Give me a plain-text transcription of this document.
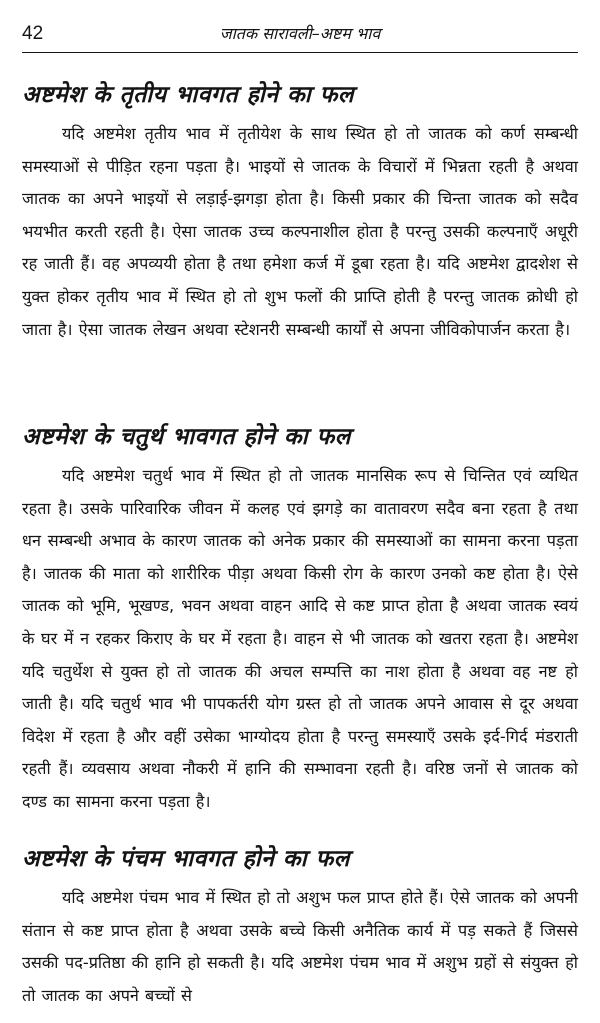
42	जातक सारावली–अष्टम भाव
अष्टमेश के तृतीय भावगत होने का फल

यदि अष्टमेश तृतीय भाव में तृतीयेश के साथ स्थित हो तो जातक को कर्ण सम्बन्धी समस्याओं से पीड़ित रहना पड़ता है। भाइयों से जातक के विचारों में भिन्नता रहती है अथवा जातक का अपने भाइयों से लड़ाई-झगड़ा होता है। किसी प्रकार की चिन्ता जातक को सदैव भयभीत करती रहती है। ऐसा जातक उच्च कल्पनाशील होता है परन्तु उसकी कल्पनाएँ अधूरी रह जाती हैं। वह अपव्ययी होता है तथा हमेशा कर्ज में डूबा रहता है। यदि अष्टमेश द्वादशेश से युक्त होकर तृतीय भाव में स्थित हो तो शुभ फलों की प्राप्ति होती है परन्तु जातक क्रोधी हो जाता है। ऐसा जातक लेखन अथवा स्टेशनरी सम्बन्धी कार्यों से अपना जीविकोपार्जन करता है।

अष्टमेश के चतुर्थ भावगत होने का फल

यदि अष्टमेश चतुर्थ भाव में स्थित हो तो जातक मानसिक रूप से चिन्तित एवं व्यथित रहता है। उसके पारिवारिक जीवन में कलह एवं झगड़े का वातावरण सदैव बना रहता है तथा धन सम्बन्धी अभाव के कारण जातक को अनेक प्रकार की समस्याओं का सामना करना पड़ता है। जातक की माता को शारीरिक पीड़ा अथवा किसी रोग के कारण उनको कष्ट होता है। ऐसे जातक को भूमि, भूखण्ड, भवन अथवा वाहन आदि से कष्ट प्राप्त होता है अथवा जातक स्वयं के घर में न रहकर किराए के घर में रहता है। वाहन से भी जातक को खतरा रहता है। अष्टमेश यदि चतुर्थेश से युक्त हो तो जातक की अचल सम्पत्ति का नाश होता है अथवा वह नष्ट हो जाती है। यदि चतुर्थ भाव भी पापकर्तरी योग ग्रस्त हो तो जातक अपने आवास से दूर अथवा विदेश में रहता है और वहीं उसेका भाग्योदय होता है परन्तु समस्याएँ उसके इर्द-गिर्द मंडराती रहती हैं। व्यवसाय अथवा नौकरी में हानि की सम्भावना रहती है। वरिष्ठ जनों से जातक को दण्ड का सामना करना पड़ता है।

अष्टमेश के पंचम भावगत होने का फल

यदि अष्टमेश पंचम भाव में स्थित हो तो अशुभ फल प्राप्त होते हैं। ऐसे जातक को अपनी संतान से कष्ट प्राप्त होता है अथवा उसके बच्चे किसी अनैतिक कार्य में पड़ सकते हैं जिससे उसकी पद-प्रतिष्ठा की हानि हो सकती है। यदि अष्टमेश पंचम भाव में अशुभ ग्रहों से संयुक्त हो तो जातक का अपने बच्चों से
